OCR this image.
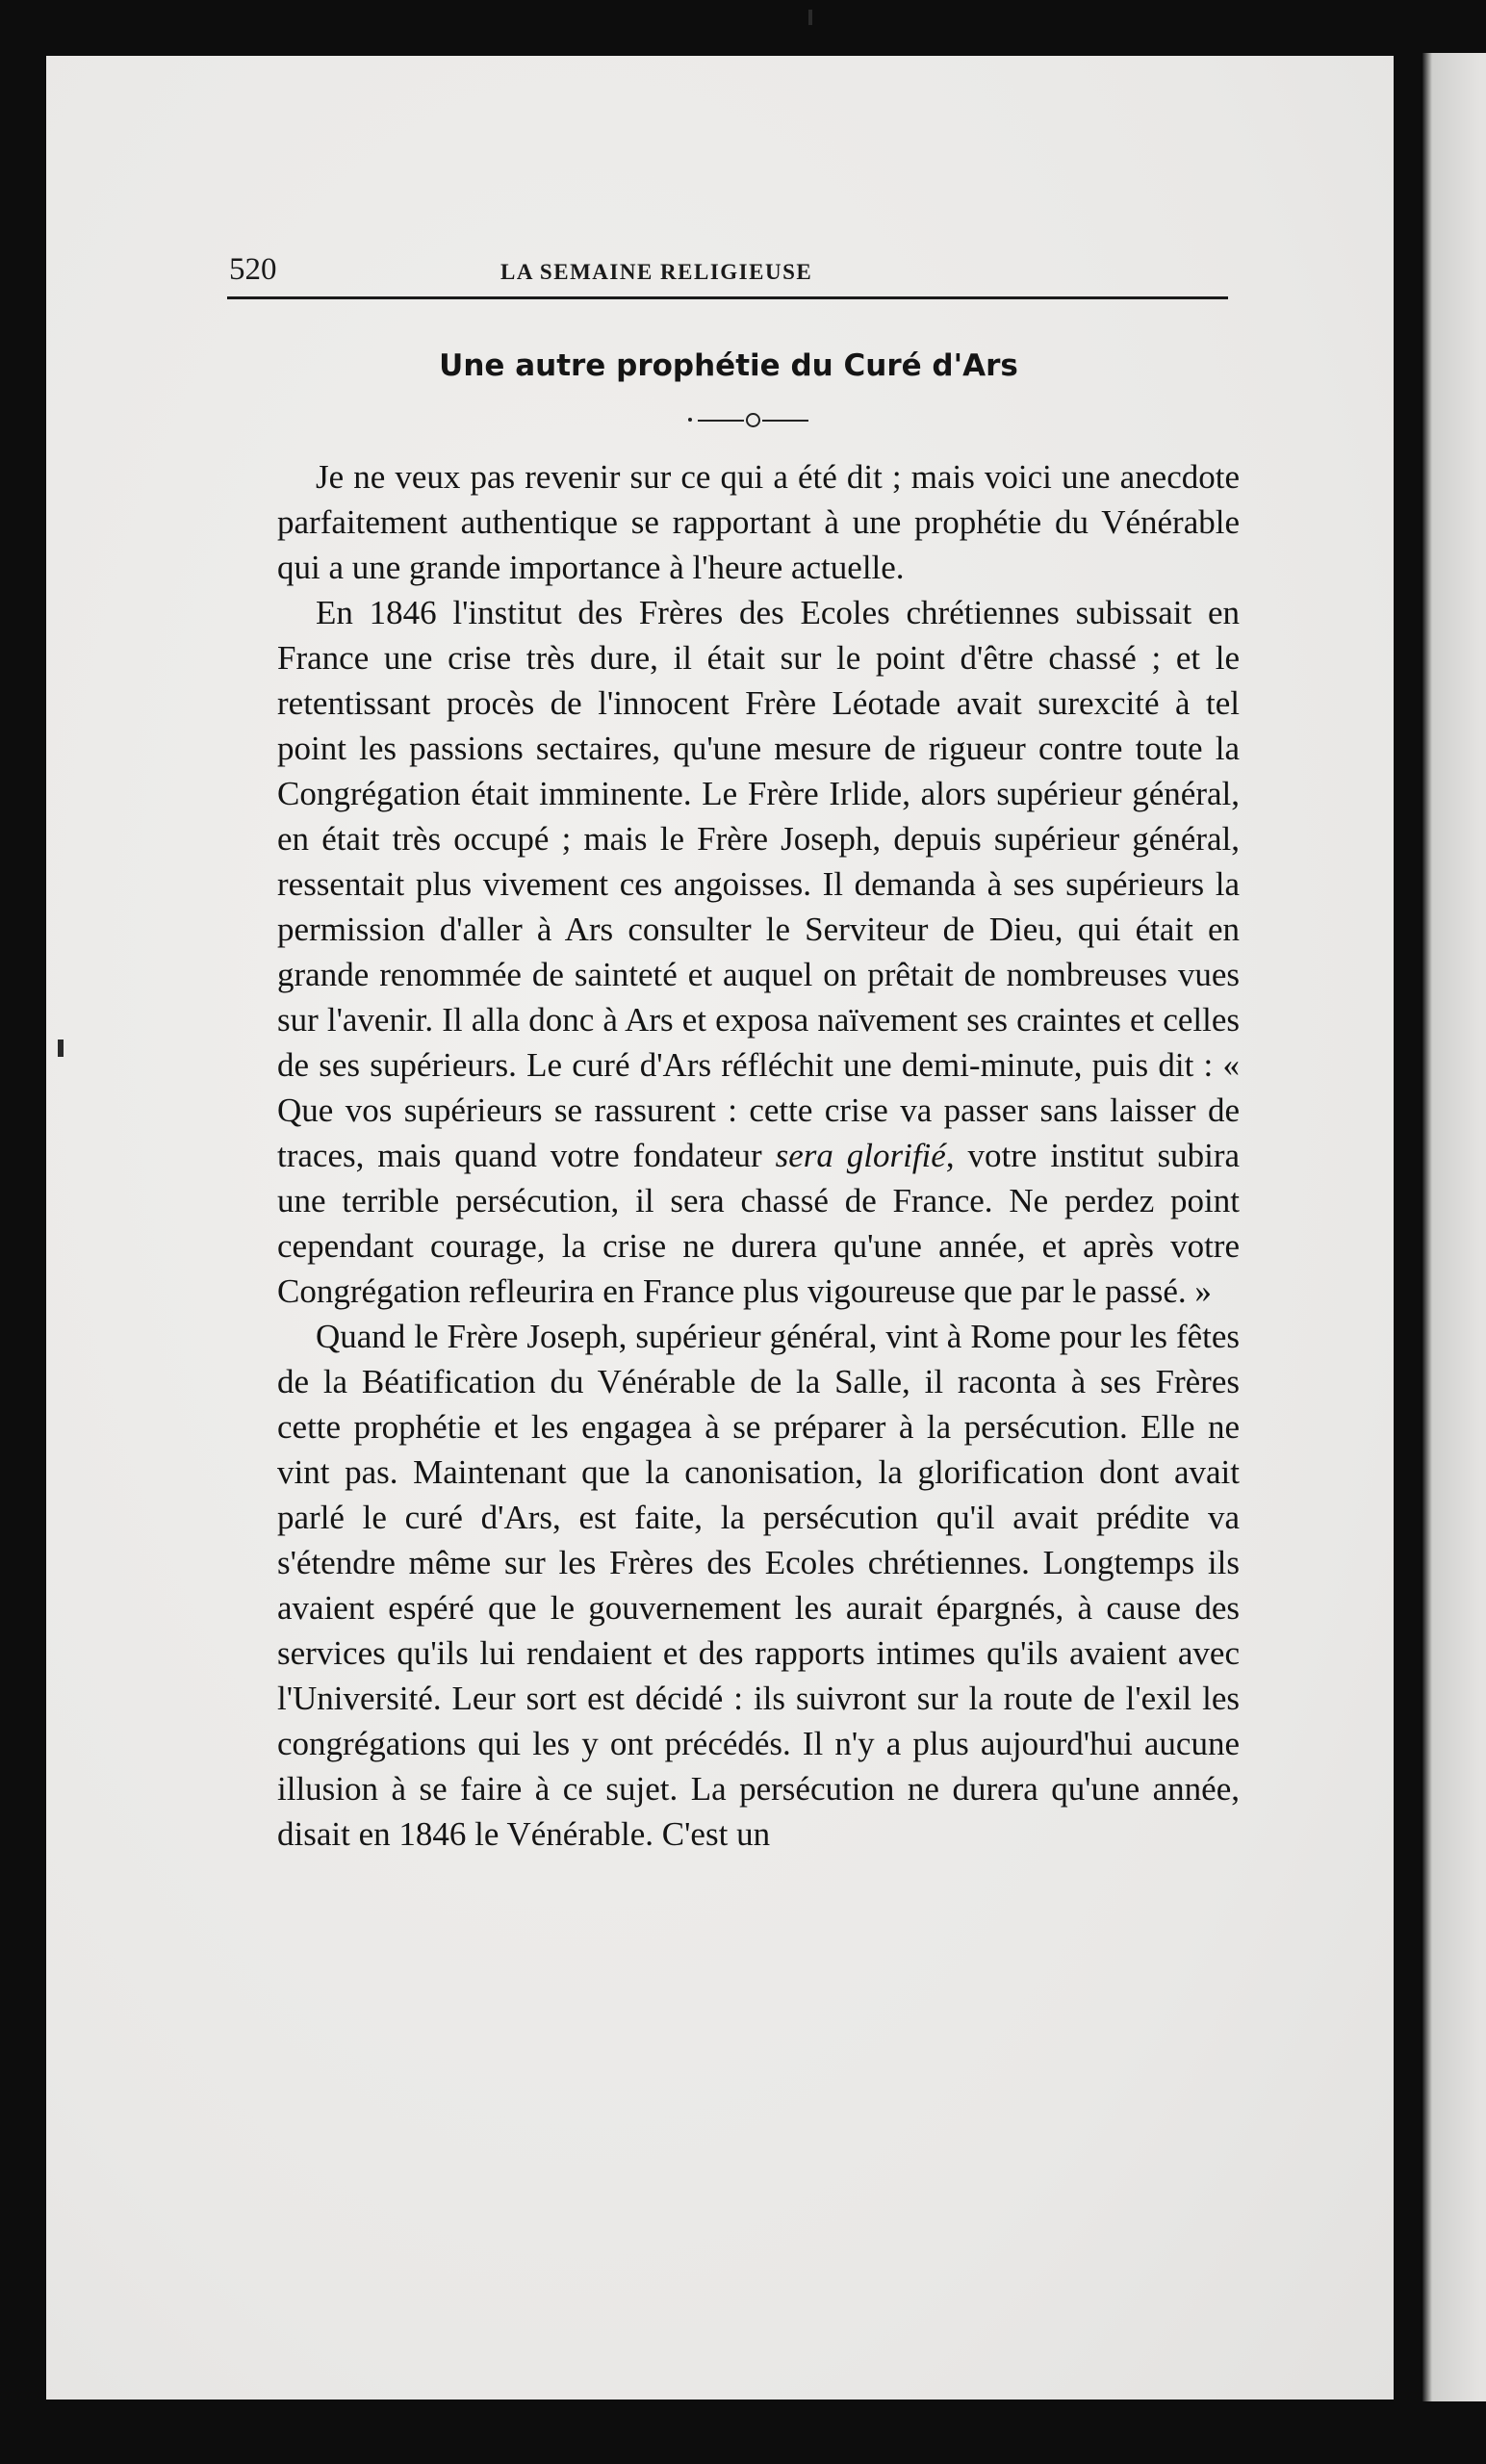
520	LA SEMAINE RELIGIEUSE
Une autre prophétie du Curé d'Ars

Je ne veux pas revenir sur ce qui a été dit ; mais voici une anecdote parfaitement authentique se rapportant à une prophétie du Vénérable qui a une grande importance à l'heure actuelle.

En 1846 l'institut des Frères des Ecoles chrétiennes subissait en France une crise très dure, il était sur le point d'être chassé ; et le retentissant procès de l'innocent Frère Léotade avait surexcité à tel point les passions sectaires, qu'une mesure de rigueur contre toute la Congrégation était imminente. Le Frère Irlide, alors supérieur général, en était très occupé ; mais le Frère Joseph, depuis supérieur général, ressentait plus vivement ces angoisses. Il demanda à ses supérieurs la permission d'aller à Ars consulter le Serviteur de Dieu, qui était en grande renommée de sainteté et auquel on prêtait de nombreuses vues sur l'avenir. Il alla donc à Ars et exposa naïvement ses craintes et celles de ses supérieurs. Le curé d'Ars réfléchit une demi-minute, puis dit : « Que vos supérieurs se rassurent : cette crise va passer sans laisser de traces, mais quand votre fondateur sera glorifié, votre institut subira une terrible persécution, il sera chassé de France. Ne perdez point cependant courage, la crise ne durera qu'une année, et après votre Congrégation refleurira en France plus vigoureuse que par le passé. »

Quand le Frère Joseph, supérieur général, vint à Rome pour les fêtes de la Béatification du Vénérable de la Salle, il raconta à ses Frères cette prophétie et les engagea à se préparer à la persécution. Elle ne vint pas. Maintenant que la canonisation, la glorification dont avait parlé le curé d'Ars, est faite, la persécution qu'il avait prédite va s'étendre même sur les Frères des Ecoles chrétiennes. Longtemps ils avaient espéré que le gouvernement les aurait épargnés, à cause des services qu'ils lui rendaient et des rapports intimes qu'ils avaient avec l'Université. Leur sort est décidé : ils suivront sur la route de l'exil les congrégations qui les y ont précédés. Il n'y a plus aujourd'hui aucune illusion à se faire à ce sujet. La persécution ne durera qu'une année, disait en 1846 le Vénérable. C'est un
